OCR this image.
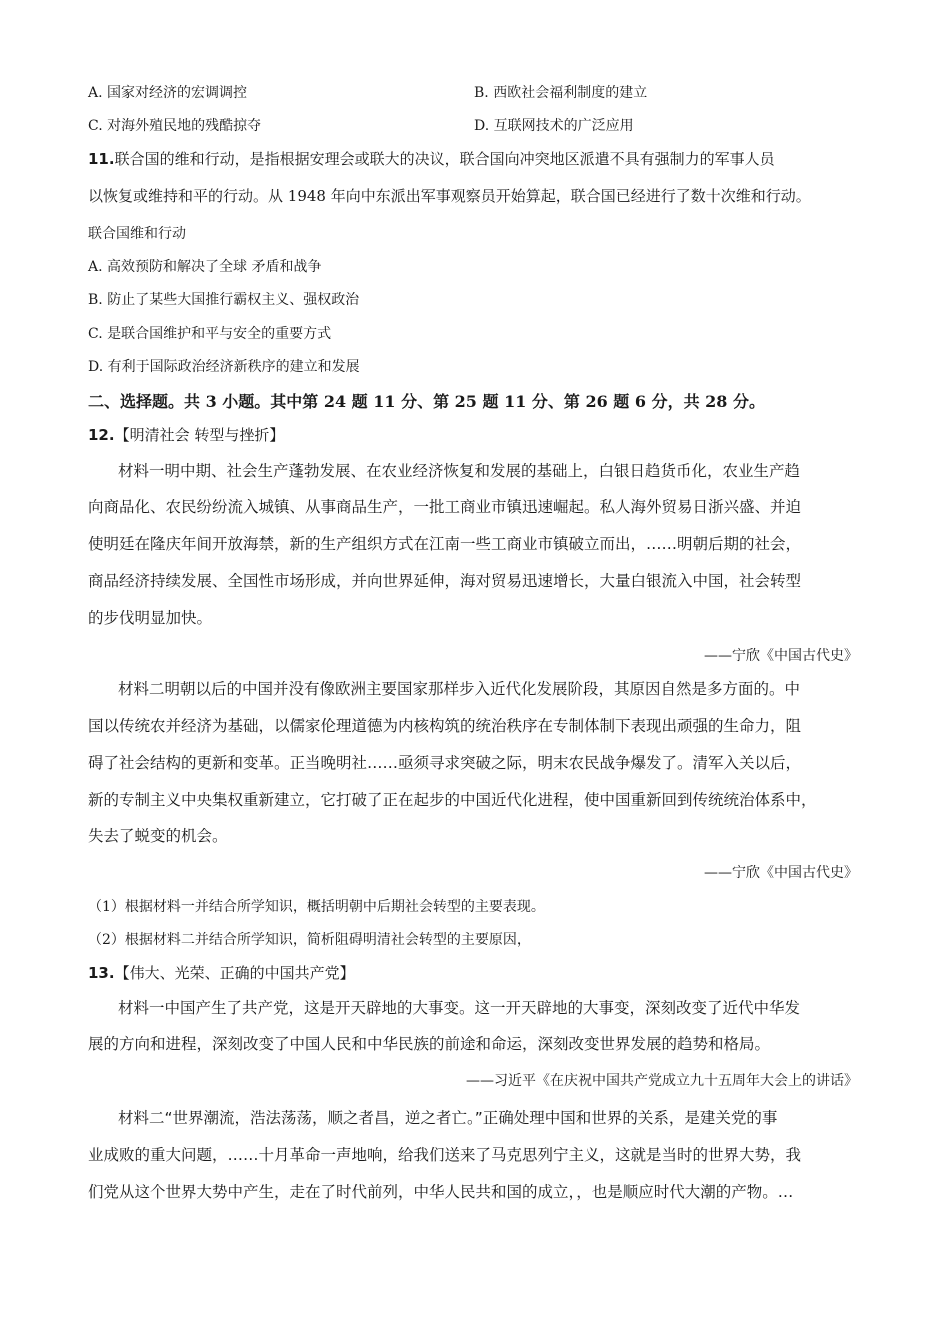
A. 国家对经济的宏调调控	B. 西欧社会福利制度的建立
C. 对海外殖民地的残酷掠夺	D. 互联网技术的广泛应用
11.联合国的维和行动，是指根据安理会或联大的决议，联合国向冲突地区派遣不具有强制力的军事人员
以恢复或维持和平的行动。从 1948 年向中东派出军事观察员开始算起，联合国已经进行了数十次维和行动。
联合国维和行动
A. 高效预防和解决了全球 矛盾和战争
B. 防止了某些大国推行霸权主义、强权政治
C. 是联合国维护和平与安全的重要方式
D. 有利于国际政治经济新秩序的建立和发展
二、选择题。共 3 小题。其中第 24 题 11 分、第 25 题 11 分、第 26 题 6 分，共 28 分。
12.【明清社会 转型与挫折】
材料一明中期、社会生产蓬勃发展、在农业经济恢复和发展的基础上，白银日趋货币化，农业生产趋
向商品化、农民纷纷流入城镇、从事商品生产，一批工商业市镇迅速崛起。私人海外贸易日浙兴盛、并迫
使明廷在隆庆年间开放海禁，新的生产组织方式在江南一些工商业市镇破立而出，……明朝后期的社会，
商品经济持续发展、全国性市场形成，并向世界延伸，海对贸易迅速增长，大量白银流入中国，社会转型
的步伐明显加快。
——宁欣《中国古代史》
材料二明朝以后的中国并没有像欧洲主要国家那样步入近代化发展阶段，其原因自然是多方面的。中
国以传统农并经济为基础，以儒家伦理道德为内核构筑的统治秩序在专制体制下表现出顽强的生命力，阻
碍了社会结构的更新和变革。正当晚明社……亟须寻求突破之际，明末农民战争爆发了。清军入关以后，
新的专制主义中央集权重新建立，它打破了正在起步的中国近代化进程，使中国重新回到传统统治体系中，
失去了蜕变的机会。
——宁欣《中国古代史》
（1）根据材料一并结合所学知识，概括明朝中后期社会转型的主要表现。
（2）根据材料二并结合所学知识，简析阻碍明清社会转型的主要原因，
13.【伟大、光荣、正确的中国共产党】
材料一中国产生了共产党，这是开天辟地的大事变。这一开天辟地的大事变，深刻改变了近代中华发
展的方向和进程，深刻改变了中国人民和中华民族的前途和命运，深刻改变世界发展的趋势和格局。
——习近平《在庆祝中国共产党成立九十五周年大会上的讲话》
材料二“世界潮流，浩法荡荡，顺之者昌，逆之者亡。”正确处理中国和世界的关系，是建关党的事
业成败的重大问题，……十月革命一声地响，给我们送来了马克思列宁主义，这就是当时的世界大势，我
们党从这个世界大势中产生，走在了时代前列，中华人民共和国的成立，，也是顺应时代大潮的产物。…
